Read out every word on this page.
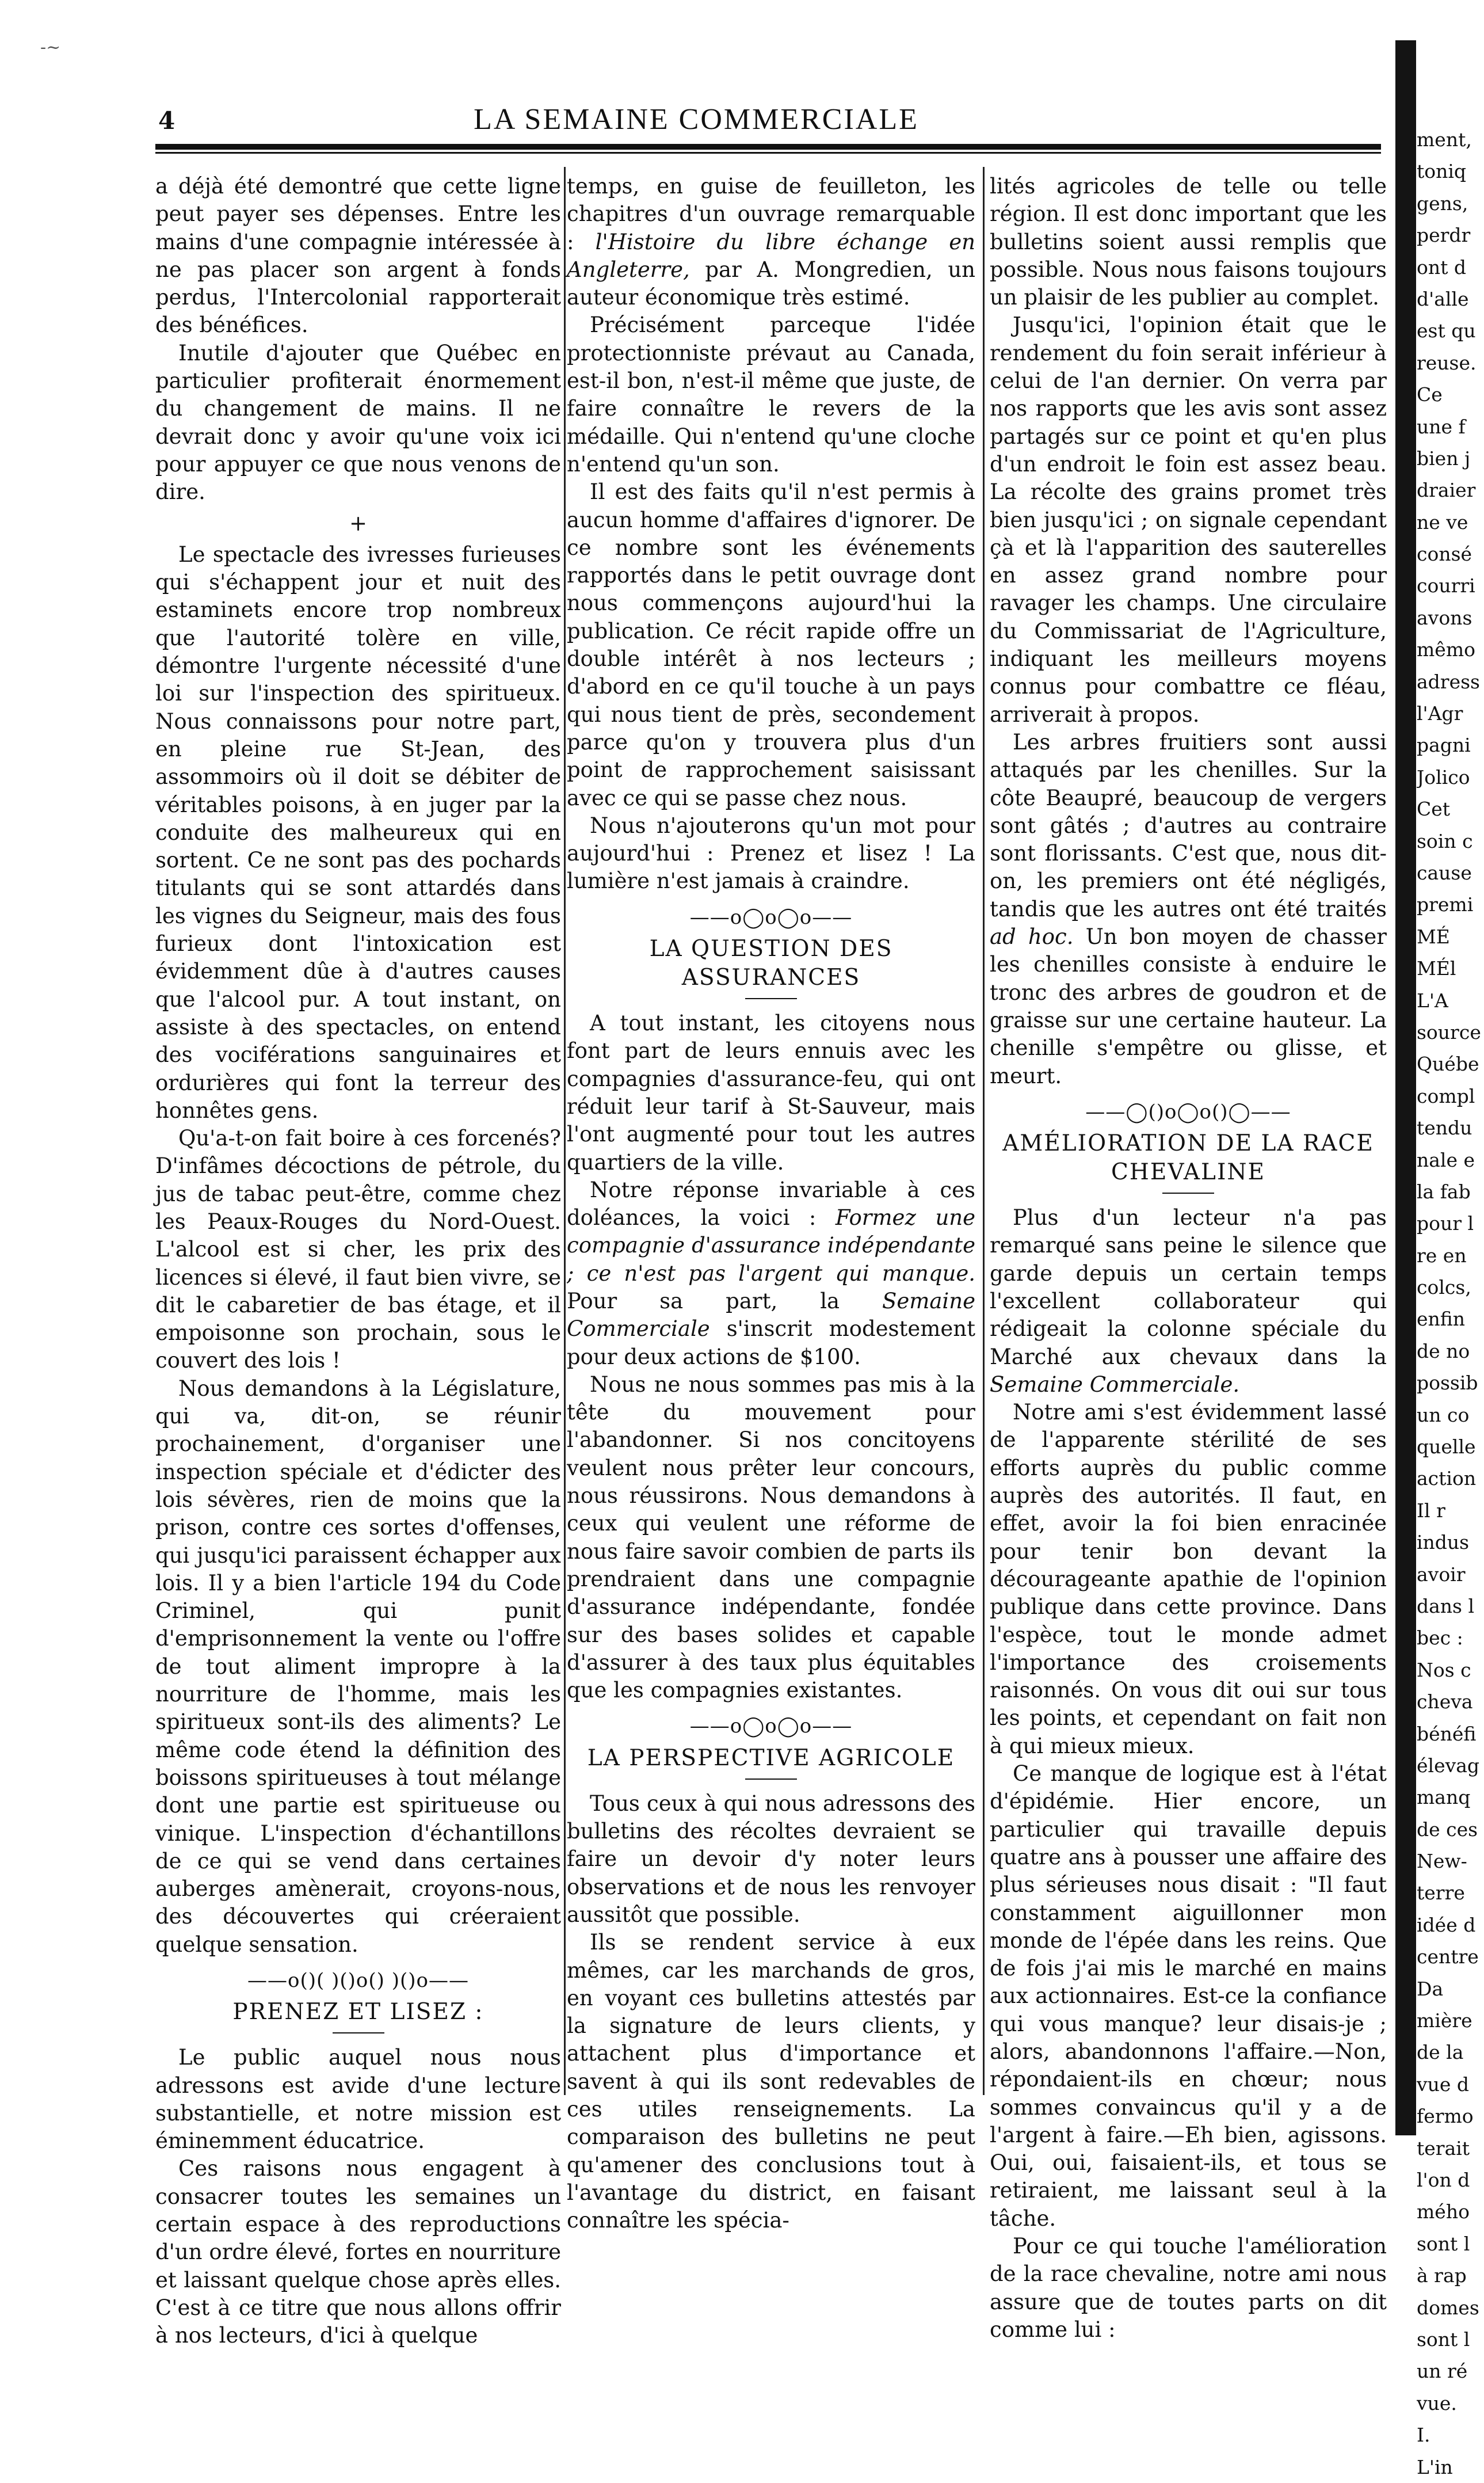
-~
4	LA SEMAINE COMMERCIALE

a déjà été demontré que cette ligne peut payer ses dépenses. Entre les mains d'une compagnie intéressée à ne pas placer son argent à fonds perdus, l'Intercolonial rapporterait des bénéfices.

Inutile d'ajouter que Québec en particulier profiterait énormement du changement de mains. Il ne devrait donc y avoir qu'une voix ici pour appuyer ce que nous venons de dire.

+

Le spectacle des ivresses furieuses qui s'échappent jour et nuit des estaminets encore trop nombreux que l'autorité tolère en ville, démontre l'urgente nécessité d'une loi sur l'inspection des spiritueux. Nous connaissons pour notre part, en pleine rue St-Jean, des assommoirs où il doit se débiter de véritables poisons, à en juger par la conduite des malheureux qui en sortent. Ce ne sont pas des pochards titulants qui se sont attardés dans les vignes du Seigneur, mais des fous furieux dont l'intoxication est évidemment dûe à d'autres causes que l'alcool pur. A tout instant, on assiste à des spectacles, on entend des vociférations sanguinaires et ordurières qui font la terreur des honnêtes gens.

Qu'a-t-on fait boire à ces forcenés? D'infâmes décoctions de pétrole, du jus de tabac peut-être, comme chez les Peaux-Rouges du Nord-Ouest. L'alcool est si cher, les prix des licences si élevé, il faut bien vivre, se dit le cabaretier de bas étage, et il empoisonne son prochain, sous le couvert des lois !

Nous demandons à la Législature, qui va, dit-on, se réunir prochainement, d'organiser une inspection spéciale et d'édicter des lois sévères, rien de moins que la prison, contre ces sortes d'offenses, qui jusqu'ici paraissent échapper aux lois. Il y a bien l'article 194 du Code Criminel, qui punit d'emprisonnement la vente ou l'offre de tout aliment impropre à la nourriture de l'homme, mais les spiritueux sont-ils des aliments? Le même code étend la définition des boissons spiritueuses à tout mélange dont une partie est spiritueuse ou vinique. L'inspection d'échantillons de ce qui se vend dans certaines auberges amènerait, croyons-nous, des découvertes qui créeraient quelque sensation.

——o()( )()o() )()o——
PRENEZ ET LISEZ :

Le public auquel nous nous adressons est avide d'une lecture substantielle, et notre mission est éminemment éducatrice.

Ces raisons nous engagent à consacrer toutes les semaines un certain espace à des reproductions d'un ordre élevé, fortes en nourriture et laissant quelque chose après elles. C'est à ce titre que nous allons offrir à nos lecteurs, d'ici à quelque

temps, en guise de feuilleton, les chapitres d'un ouvrage remarquable : l'Histoire du libre échange en Angleterre, par A. Mongredien, un auteur économique très estimé.

Précisément parceque l'idée protectionniste prévaut au Canada, est-il bon, n'est-il même que juste, de faire connaître le revers de la médaille. Qui n'entend qu'une cloche n'entend qu'un son.

Il est des faits qu'il n'est permis à aucun homme d'affaires d'ignorer. De ce nombre sont les événements rapportés dans le petit ouvrage dont nous commençons aujourd'hui la publication. Ce récit rapide offre un double intérêt à nos lecteurs ; d'abord en ce qu'il touche à un pays qui nous tient de près, secondement parce qu'on y trouvera plus d'un point de rapprochement saisissant avec ce qui se passe chez nous.

Nous n'ajouterons qu'un mot pour aujourd'hui : Prenez et lisez ! La lumière n'est jamais à craindre.

——o◯o◯o——
LA QUESTION DES ASSURANCES

A tout instant, les citoyens nous font part de leurs ennuis avec les compagnies d'assurance-feu, qui ont réduit leur tarif à St-Sauveur, mais l'ont augmenté pour tout les autres quartiers de la ville.

Notre réponse invariable à ces doléances, la voici : Formez une compagnie d'assurance indépendante ; ce n'est pas l'argent qui manque. Pour sa part, la Semaine Commerciale s'inscrit modestement pour deux actions de $100.

Nous ne nous sommes pas mis à la tête du mouvement pour l'abandonner. Si nos concitoyens veulent nous prêter leur concours, nous réussirons. Nous demandons à ceux qui veulent une réforme de nous faire savoir combien de parts ils prendraient dans une compagnie d'assurance indépendante, fondée sur des bases solides et capable d'assurer à des taux plus équitables que les compagnies existantes.

——o◯o◯o——
LA PERSPECTIVE AGRICOLE

Tous ceux à qui nous adressons des bulletins des récoltes devraient se faire un devoir d'y noter leurs observations et de nous les renvoyer aussitôt que possible.

Ils se rendent service à eux mêmes, car les marchands de gros, en voyant ces bulletins attestés par la signature de leurs clients, y attachent plus d'importance et savent à qui ils sont redevables de ces utiles renseignements. La comparaison des bulletins ne peut qu'amener des conclusions tout à l'avantage du district, en faisant connaître les spécia-

lités agricoles de telle ou telle région. Il est donc important que les bulletins soient aussi remplis que possible. Nous nous faisons toujours un plaisir de les publier au complet.

Jusqu'ici, l'opinion était que le rendement du foin serait inférieur à celui de l'an dernier. On verra par nos rapports que les avis sont assez partagés sur ce point et qu'en plus d'un endroit le foin est assez beau. La récolte des grains promet très bien jusqu'ici ; on signale cependant çà et là l'apparition des sauterelles en assez grand nombre pour ravager les champs. Une circulaire du Commissariat de l'Agriculture, indiquant les meilleurs moyens connus pour combattre ce fléau, arriverait à propos.

Les arbres fruitiers sont aussi attaqués par les chenilles. Sur la côte Beaupré, beaucoup de vergers sont gâtés ; d'autres au contraire sont florissants. C'est que, nous dit-on, les premiers ont été négligés, tandis que les autres ont été traités ad hoc. Un bon moyen de chasser les chenilles consiste à enduire le tronc des arbres de goudron et de graisse sur une certaine hauteur. La chenille s'empêtre ou glisse, et meurt.

——◯()o◯o()◯——
AMÉLIORATION DE LA RACE CHEVALINE

Plus d'un lecteur n'a pas remarqué sans peine le silence que garde depuis un certain temps l'excellent collaborateur qui rédigeait la colonne spéciale du Marché aux chevaux dans la Semaine Commerciale.

Notre ami s'est évidemment lassé de l'apparente stérilité de ses efforts auprès du public comme auprès des autorités. Il faut, en effet, avoir la foi bien enracinée pour tenir bon devant la décourageante apathie de l'opinion publique dans cette province. Dans l'espèce, tout le monde admet l'importance des croisements raisonnés. On vous dit oui sur tous les points, et cependant on fait non à qui mieux mieux.

Ce manque de logique est à l'état d'épidémie. Hier encore, un particulier qui travaille depuis quatre ans à pousser une affaire des plus sérieuses nous disait : "Il faut constamment aiguillonner mon monde de l'épée dans les reins. Que de fois j'ai mis le marché en mains aux actionnaires. Est-ce la confiance qui vous manque? leur disais-je ; alors, abandonnons l'affaire.—Non, répondaient-ils en chœur; nous sommes convaincus qu'il y a de l'argent à faire.—Eh bien, agissons. Oui, oui, faisaient-ils, et tous se retiraient, me laissant seul à la tâche.

Pour ce qui touche l'amélioration de la race chevaline, notre ami nous assure que de toutes parts on dit comme lui :

ment,
toniq
gens,
perdr
ont d
d'alle
est qu
reuse.
Ce
une f
bien j
draier
ne ve
consé
courri
avons
mêmo
adress
l'Agr
pagni
Jolico
Cet
soin c
cause
premi
MÉ
MÉl
L'A
source
Québe
compl
tendu
nale e
la fab
pour l
re en
colcs,
enfin
de no
possib
un co
quelle
action
Il r
indus
avoir
dans l
bec :
Nos c
cheva
bénéfi
élevag
manq
de ces
New-
terre
idée d
centre
Da
mière
de la
vue d
fermo
terait
l'on d
mého
sont l
à rap
domes
sont l
un ré
vue.
I.
L'in
